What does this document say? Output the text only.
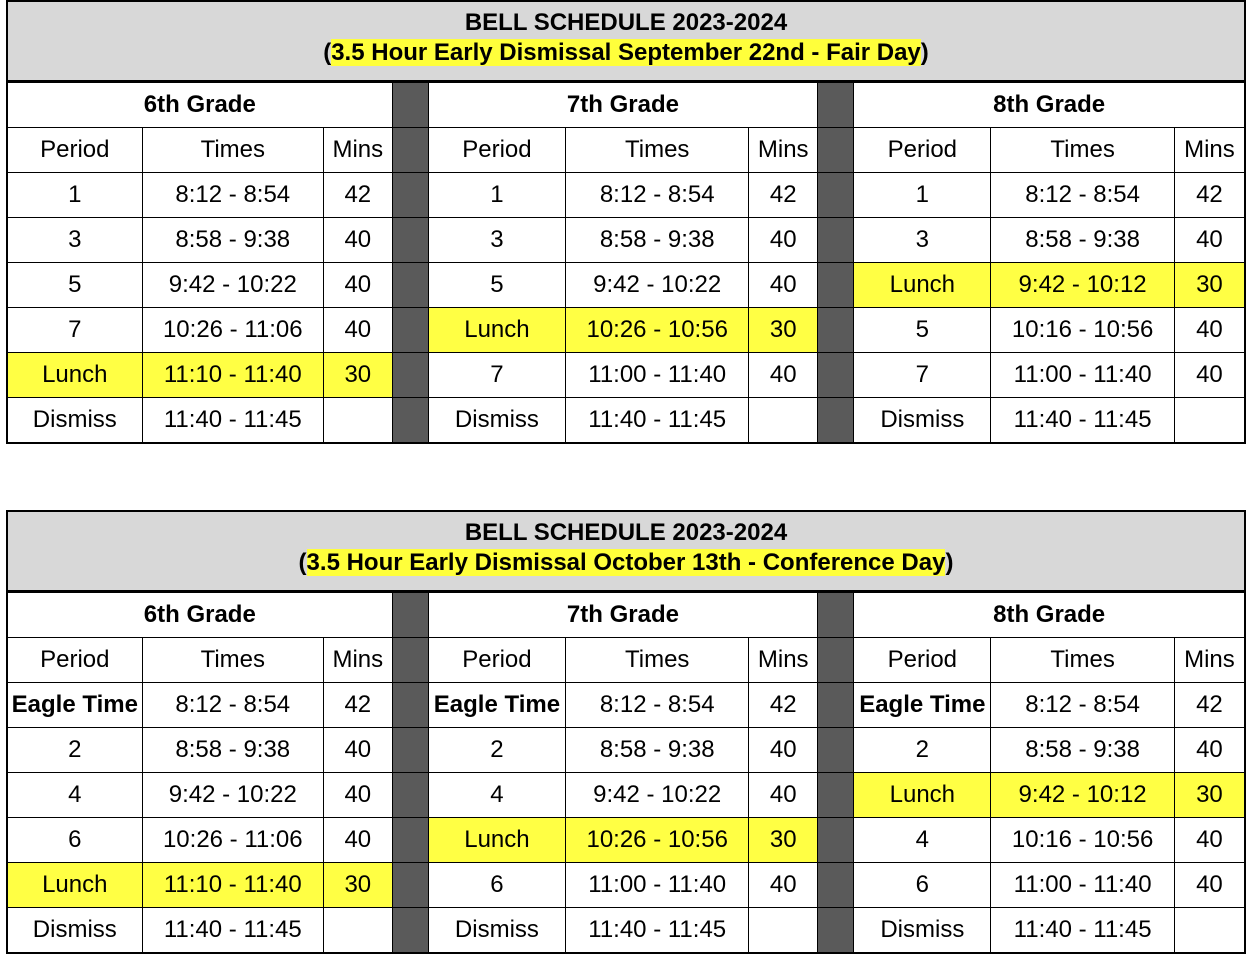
BELL SCHEDULE 2023-2024
(3.5 Hour Early Dismissal September 22nd - Fair Day)
6th Grade				7th Grade				8th Grade		
Period	Times	Mins		Period	Times	Mins		Period	Times	Mins
1	8:12 - 8:54	42		1	8:12 - 8:54	42		1	8:12 - 8:54	42
3	8:58 - 9:38	40		3	8:58 - 9:38	40		3	8:58 - 9:38	40
5	9:42 - 10:22	40		5	9:42 - 10:22	40		Lunch	9:42 - 10:12	30
7	10:26 - 11:06	40		Lunch	10:26 - 10:56	30		5	10:16 - 10:56	40
Lunch	11:10 - 11:40	30		7	11:00 - 11:40	40		7	11:00 - 11:40	40
Dismiss	11:40 - 11:45			Dismiss	11:40 - 11:45			Dismiss	11:40 - 11:45	
BELL SCHEDULE 2023-2024
(3.5 Hour Early Dismissal October 13th - Conference Day)
6th Grade				7th Grade				8th Grade		
Period	Times	Mins		Period	Times	Mins		Period	Times	Mins
Eagle Time	8:12 - 8:54	42		Eagle Time	8:12 - 8:54	42		Eagle Time	8:12 - 8:54	42
2	8:58 - 9:38	40		2	8:58 - 9:38	40		2	8:58 - 9:38	40
4	9:42 - 10:22	40		4	9:42 - 10:22	40		Lunch	9:42 - 10:12	30
6	10:26 - 11:06	40		Lunch	10:26 - 10:56	30		4	10:16 - 10:56	40
Lunch	11:10 - 11:40	30		6	11:00 - 11:40	40		6	11:00 - 11:40	40
Dismiss	11:40 - 11:45			Dismiss	11:40 - 11:45			Dismiss	11:40 - 11:45	
